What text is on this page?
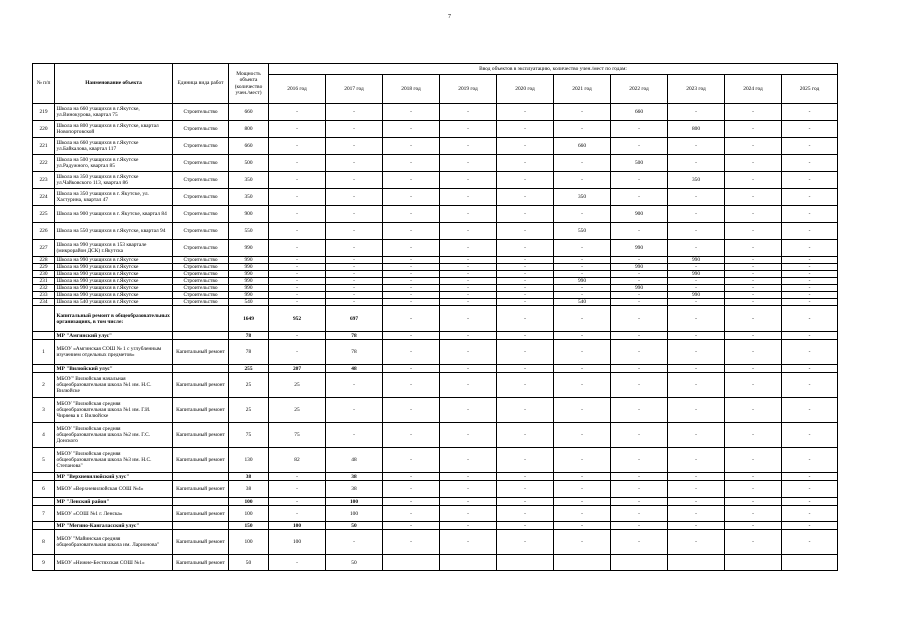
7
№ п/п	Наименование объекта	Единица вида работ	Мощность объекта (количество учен./мест)	Ввод объектов в эксплуатацию, количество учен./мест по годам:									
				2016 год	2017 год	2018 год	2019 год	2020 год	2021 год	2022 год	2023 год	2024 год	2025 год
219	Школа на 660 учащихся в г.Якутске, ул.Винокурова, квартал 75	Строительство	660	-	-	-	-	-	-	660	-	-	-
220	Школа на 800 учащихся в г.Якутске, квартал Новопортовской	Строительство	800	-	-	-	-	-	-	-	800	-	-
221	Школа на 660 учащихся в г.Якутске ул.Байкалова, квартал 117	Строительство	660	-	-	-	-	-	660	-	-	-	-
222	Школа на 500 учащихся в г.Якутске ул.Радужного, квартал 85	Строительство	500	-	-	-	-	-	-	500	-	-	-
223	Школа на 350 учащихся в г.Якутске ул.Чайковского 113, квартал 86	Строительство	350	-	-	-	-	-	-	-	350	-	-
224	Школа на 350 учащихся в г. Якутске, ул. Хастурина, квартал 47	Строительство	350	-	-	-	-	-	350	-	-	-	-
225	Школа на 900 учащихся в г. Якутске, квартал 84	Строительство	900	-	-	-	-	-	-	900	-	-	-
226	Школа на 550 учащихся в г.Якутске, квартал 94	Строительство	550	-	-	-	-	-	550	-	-	-	-
227	Школа на 990 учащихся в 153 квартале (микрорайон ДСК) г.Якутска	Строительство	990	-	-	-	-	-	-	990	-	-	-
228	Школа на 990 учащихся в г.Якутске	Строительство	990	-	-	-	-	-	-	-	990	-	-
229	Школа на 990 учащихся в г.Якутске	Строительство	990	-	-	-	-	-	-	990	-	-	-
230	Школа на 990 учащихся в г.Якутске	Строительство	990	-	-	-	-	-	-	-	990	-	-
231	Школа на 990 учащихся в г.Якутске	Строительство	990	-	-	-	-	-	990	-	-	-	-
232	Школа на 990 учащихся в г.Якутске	Строительство	990	-	-	-	-	-	-	990	-	-	-
233	Школа на 990 учащихся в г.Якутске	Строительство	990	-	-	-	-	-	-	-	990	-	-
234	Школа на 540 учащихся в г.Якутске	Строительство	540	-	-	-	-	-	540	-	-	-	-
	Капитальный ремонт в общеобразовательных организациях, в том числе:		1649	952	697	-	-	-	-	-	-	-	-
	МР "Амгинский улус"		78	-	78	-	-	-	-	-	-	-	-
1	МБОУ «Амгинская СОШ № 1 с углубленным изучением отдельных предметов»	Капитальный ремонт	78	-	78	-	-	-	-	-	-	-	-
	МР "Вилюйский улус"		255	207	48	-	-	-	-	-	-	-	-
2	МБОУ" Вилюйская начальная общеобразовательная школа №1 им. Н.С. Вилюйске	Капитальный ремонт	25	25	-	-	-	-	-	-	-	-	-
3	МБОУ "Вилюйская средняя общеобразовательная школа №1 им. Г.И. Чиряева в г. Вилюйске	Капитальный ремонт	25	25	-	-	-	-	-	-	-	-	-
4	МБОУ "Вилюйская средняя общеобразовательная школа №2 им. Г.С. Донского	Капитальный ремонт	75	75	-	-	-	-	-	-	-	-	-
5	МБОУ "Вилюйская средняя общеобразовательная школа №3 им. Н.С. Степанова"	Капитальный ремонт	130	82	48	-	-	-	-	-	-	-	-
	МР "Верхневилюйский улус"		38	-	38	-	-	-	-	-	-	-	-
6	МБОУ «Верхневилюйская СОШ №4»	Капитальный ремонт	38	-	38	-	-	-	-	-	-	-	-
	МР "Ленский район"		100	-	100	-	-	-	-	-	-	-	-
7	МБОУ «СОШ №1 г. Ленска»	Капитальный ремонт	100	-	100	-	-	-	-	-	-	-	-
	МР "Мегино-Кангаласский улус"		150	100	50	-	-	-	-	-	-	-	-
8	МБОУ "Майинская средняя общеобразовательная школа им. Ларионова"	Капитальный ремонт	100	100	-	-	-	-	-	-	-	-	-
9	МБОУ «Нижне-Бестяхская СОШ №1»	Капитальный ремонт	50	-	50								
